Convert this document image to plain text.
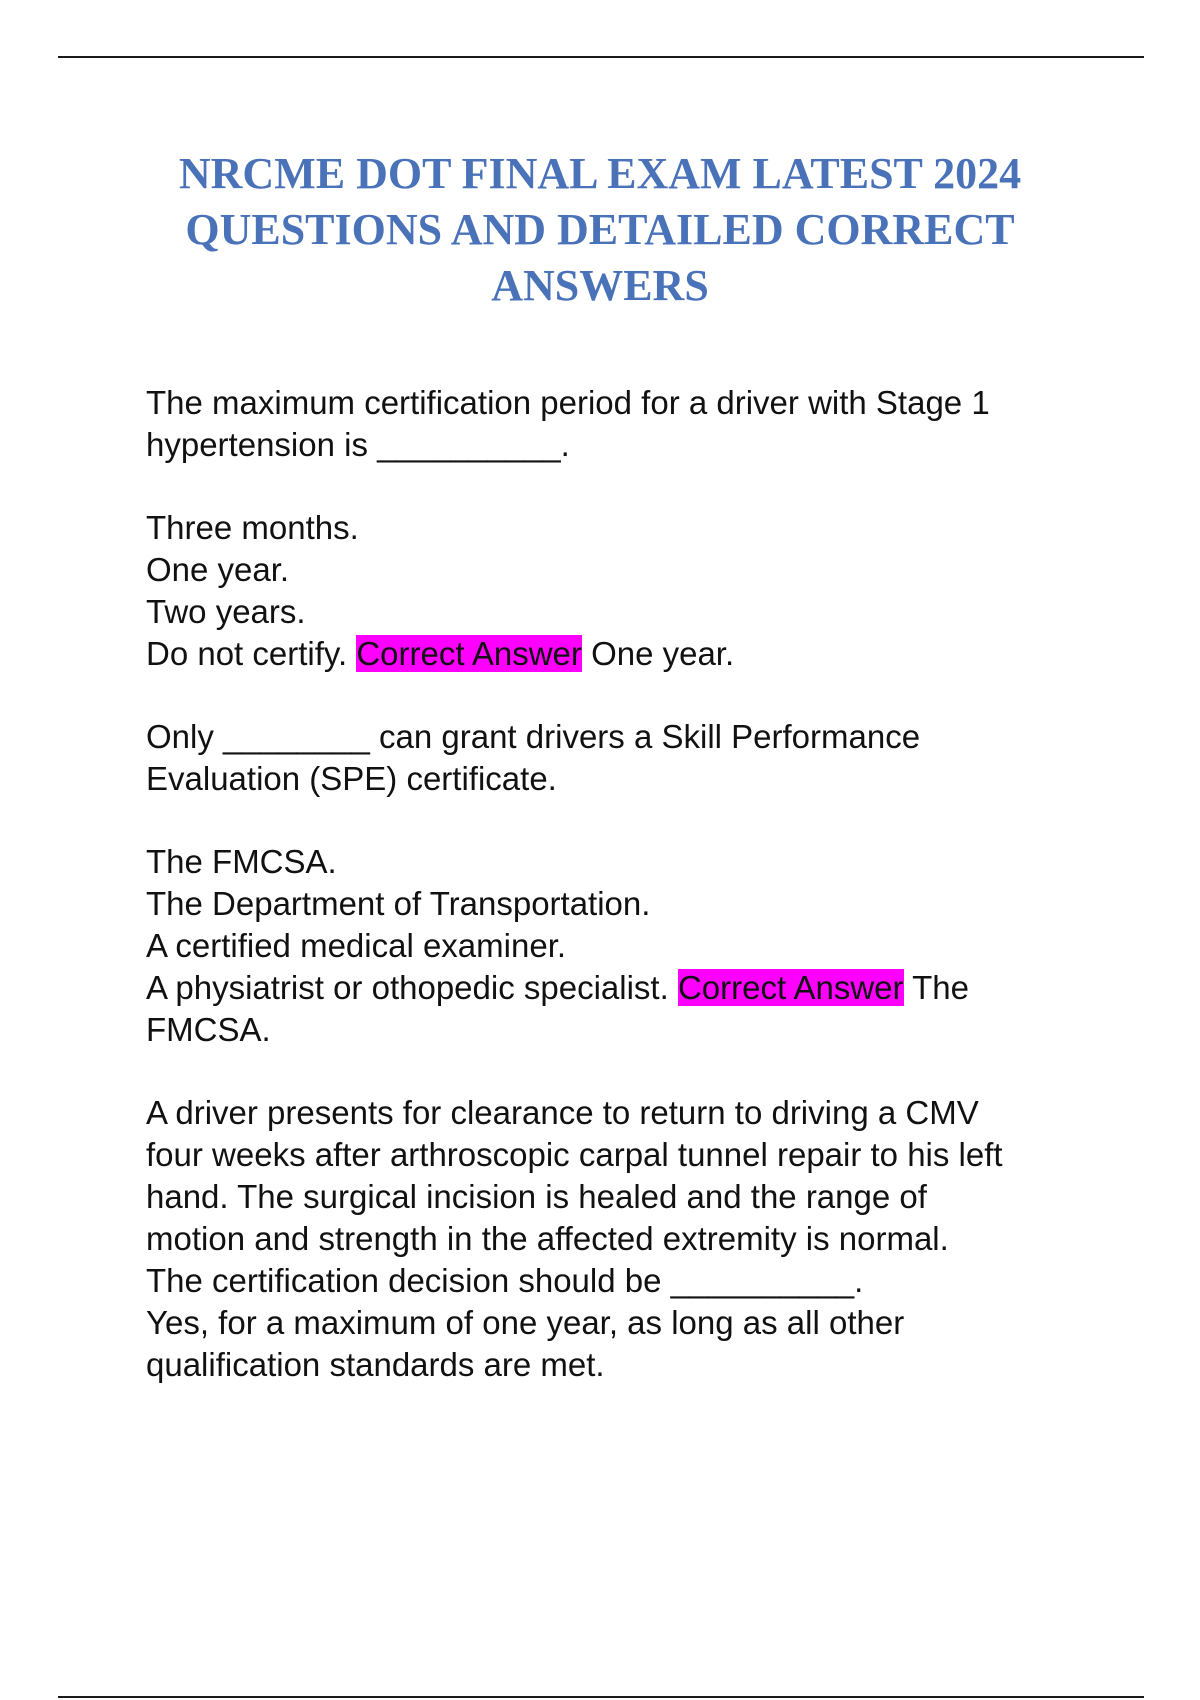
NRCME DOT FINAL EXAM LATEST 2024
QUESTIONS AND DETAILED CORRECT
ANSWERS
The maximum certification period for a driver with Stage 1
hypertension is __________.
Three months.
One year.
Two years.
Do not certify. Correct Answer One year.
Only ________ can grant drivers a Skill Performance
Evaluation (SPE) certificate.
The FMCSA.
The Department of Transportation.
A certified medical examiner.
A physiatrist or othopedic specialist. Correct Answer The
FMCSA.
A driver presents for clearance to return to driving a CMV
four weeks after arthroscopic carpal tunnel repair to his left
hand. The surgical incision is healed and the range of
motion and strength in the affected extremity is normal.
The certification decision should be __________.
Yes, for a maximum of one year, as long as all other
qualification standards are met.
